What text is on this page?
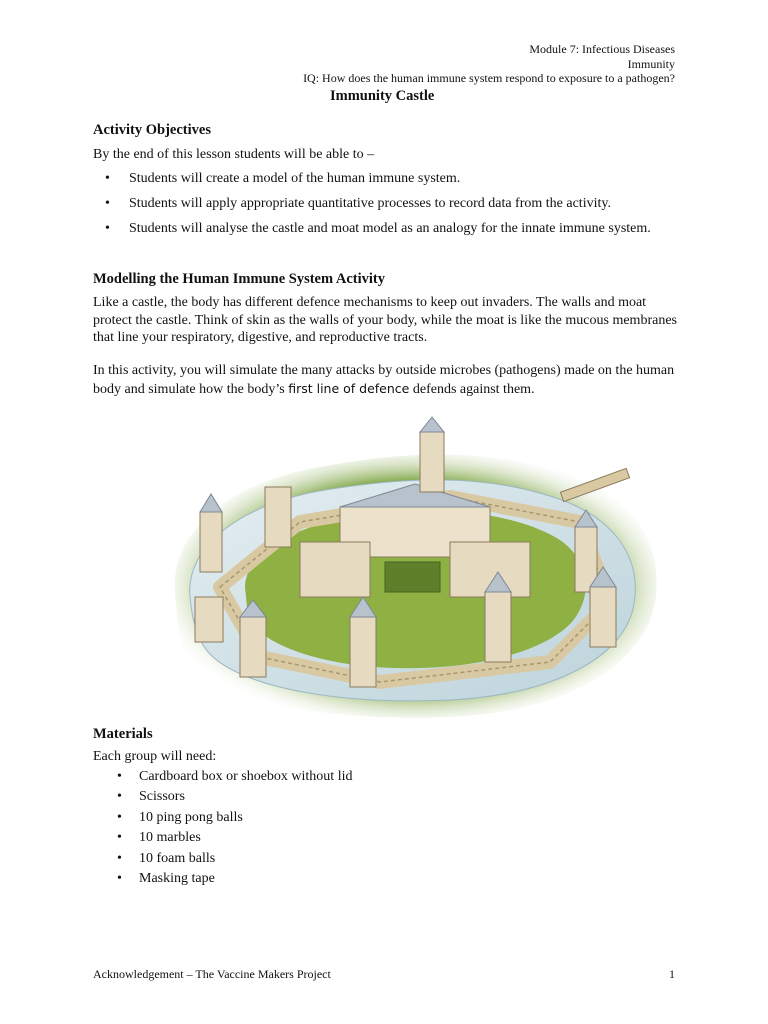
Module 7: Infectious Diseases
Immunity
IQ: How does the human immune system respond to exposure to a pathogen?
Immunity Castle
Activity Objectives
By the end of this lesson students will be able to –
• Students will create a model of the human immune system.
• Students will apply appropriate quantitative processes to record data from the activity.
• Students will analyse the castle and moat model as an analogy for the innate immune system.
Modelling the Human Immune System Activity
Like a castle, the body has different defence mechanisms to keep out invaders. The walls and moat protect the castle. Think of skin as the walls of your body, while the moat is like the mucous membranes that line your respiratory, digestive, and reproductive tracts.
In this activity, you will simulate the many attacks by outside microbes (pathogens) made on the human body and simulate how the body’s first line of defence defends against them.
Materials
Each group will need:
• Cardboard box or shoebox without lid
• Scissors
• 10 ping pong balls
• 10 marbles
• 10 foam balls
• Masking tape
Acknowledgement – The Vaccine Makers Project	1
